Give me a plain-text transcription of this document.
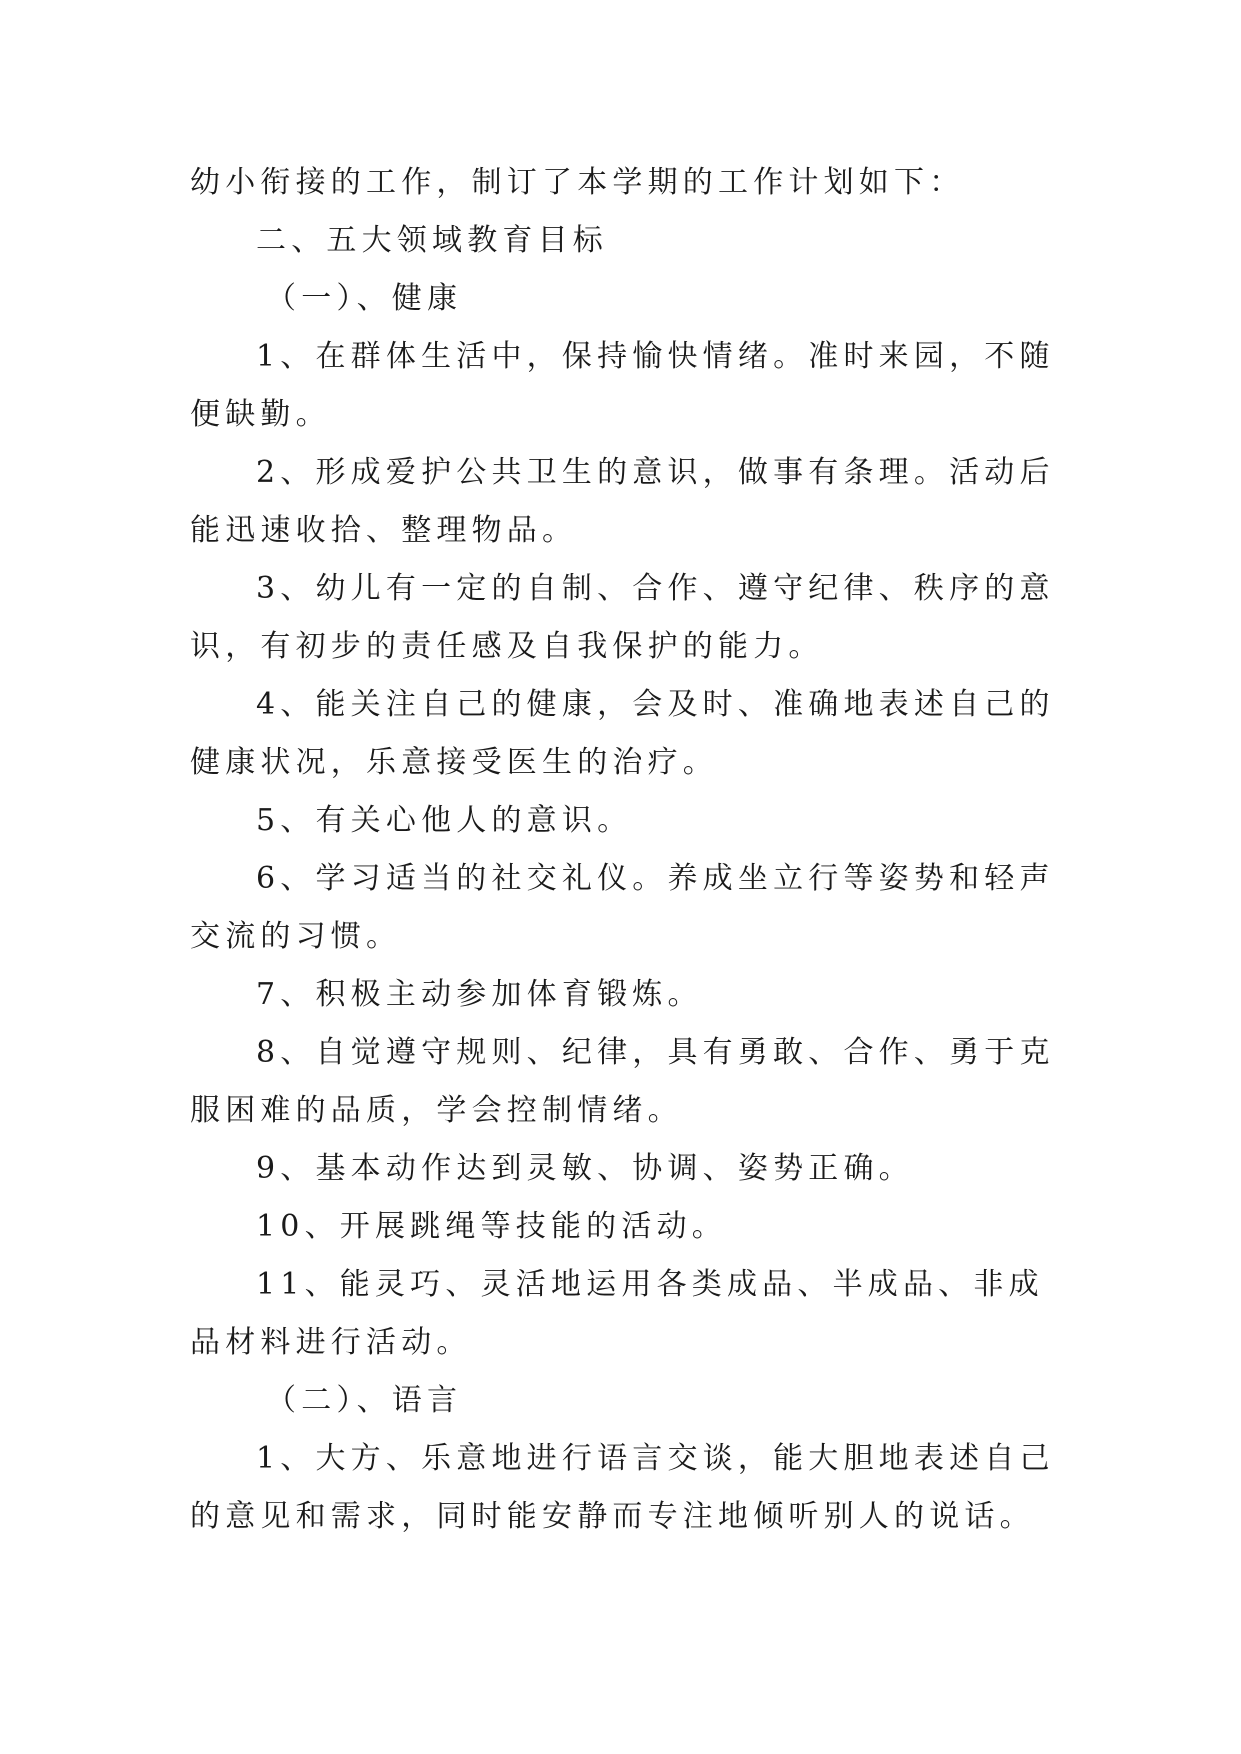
幼小衔接的工作，制订了本学期的工作计划如下：

二、五大领域教育目标

（一）、健康

1、在群体生活中，保持愉快情绪。准时来园，不随便缺勤。

2、形成爱护公共卫生的意识，做事有条理。活动后能迅速收拾、整理物品。

3、幼儿有一定的自制、合作、遵守纪律、秩序的意识，有初步的责任感及自我保护的能力。

4、能关注自己的健康，会及时、准确地表述自己的健康状况，乐意接受医生的治疗。

5、有关心他人的意识。

6、学习适当的社交礼仪。养成坐立行等姿势和轻声交流的习惯。

7、积极主动参加体育锻炼。

8、自觉遵守规则、纪律，具有勇敢、合作、勇于克服困难的品质，学会控制情绪。

9、基本动作达到灵敏、协调、姿势正确。

10、开展跳绳等技能的活动。

11、能灵巧、灵活地运用各类成品、半成品、非成品材料进行活动。

（二）、语言

1、大方、乐意地进行语言交谈，能大胆地表述自己的意见和需求，同时能安静而专注地倾听别人的说话。
